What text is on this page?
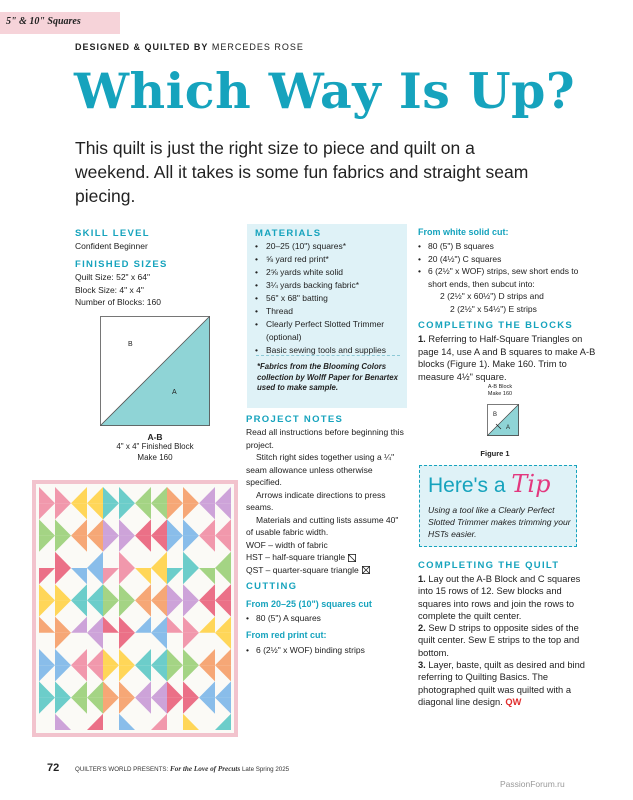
5" & 10" Squares
DESIGNED & QUILTED BY MERCEDES ROSE
Which Way Is Up?
This quilt is just the right size to piece and quilt on a weekend. All it takes is some fun fabrics and straight seam piecing.
SKILL LEVEL
Confident Beginner
FINISHED SIZES
Quilt Size: 52" x 64"
Block Size: 4" x 4"
Number of Blocks: 160
B
A
A-B
4" x 4" Finished Block
Make 160
MATERIALS
• 20–25 (10") squares*
• ⅝ yard red print*
• 2⅝ yards white solid
• 3¼ yards backing fabric*
• 56" x 68" batting
• Thread
• Clearly Perfect Slotted Trimmer (optional)
• Basic sewing tools and supplies
*Fabrics from the Blooming Colors collection by Wolff Paper for Benartex used to make sample.
PROJECT NOTES

Read all instructions before beginning this project.

Stitch right sides together using a ¼" seam allowance unless otherwise specified.

Arrows indicate directions to press seams.

Materials and cutting lists assume 40" of usable fabric width.

WOF – width of fabric

HST – half-square triangle

QST – quarter-square triangle

CUTTING
From 20–25 (10") squares cut
• 80 (5") A squares
From red print cut:
• 6 (2½" x WOF) binding strips
From white solid cut:
• 80 (5") B squares
• 20 (4½") C squares
• 6 (2½" x WOF) strips, sew short ends to short ends, then subcut into:
2 (2½" x 60½") D strips and
2 (2½" x 54½") E strips
COMPLETING THE BLOCKS
1. Referring to Half-Square Triangles on page 14, use A and B squares to make A-B blocks (Figure 1). Make 160. Trim to measure 4½" square.
A-B Block
Make 160
B
A
Figure 1
Here's a Tip
Using a tool like a Clearly Perfect Slotted Trimmer makes trimming your HSTs easier.
COMPLETING THE QUILT

1. Lay out the A-B Block and C squares into 15 rows of 12. Sew blocks and squares into rows and join the rows to complete the quilt center.

2. Sew D strips to opposite sides of the quilt center. Sew E strips to the top and bottom.

3. Layer, baste, quilt as desired and bind referring to Quilting Basics. The photographed quilt was quilted with a diagonal line design. QW

72	QUILTER'S WORLD PRESENTS: For the Love of Precuts Late Spring 2025
PassionForum.ru
